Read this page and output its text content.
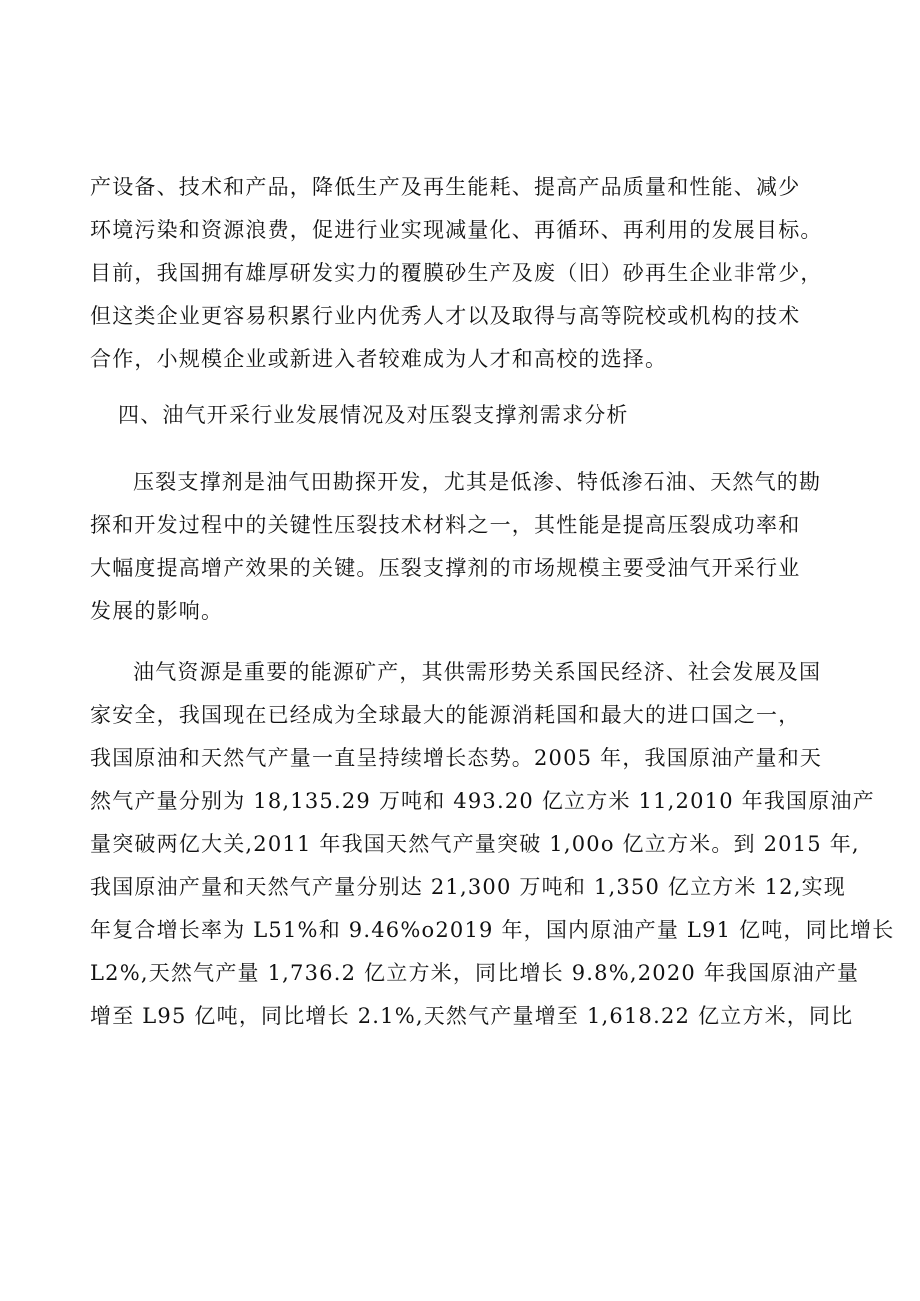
产设备、技术和产品，降低生产及再生能耗、提高产品质量和性能、减少
环境污染和资源浪费，促进行业实现减量化、再循环、再利用的发展目标。
目前，我国拥有雄厚研发实力的覆膜砂生产及废（旧）砂再生企业非常少，
但这类企业更容易积累行业内优秀人才以及取得与高等院校或机构的技术
合作，小规模企业或新进入者较难成为人才和高校的选择。
四、油气开采行业发展情况及对压裂支撑剂需求分析
压裂支撑剂是油气田勘探开发，尤其是低渗、特低渗石油、天然气的勘
探和开发过程中的关键性压裂技术材料之一，其性能是提高压裂成功率和
大幅度提高增产效果的关键。压裂支撑剂的市场规模主要受油气开采行业
发展的影响。
油气资源是重要的能源矿产，其供需形势关系国民经济、社会发展及国
家安全，我国现在已经成为全球最大的能源消耗国和最大的进口国之一，
我国原油和天然气产量一直呈持续增长态势。2005 年，我国原油产量和天
然气产量分别为 18,135.29 万吨和 493.20 亿立方米 11,2010 年我国原油产
量突破两亿大关,2011 年我国天然气产量突破 1,00o 亿立方米。到 2015 年,
我国原油产量和天然气产量分别达 21,300 万吨和 1,350 亿立方米 12,实现
年复合增长率为 L51%和 9.46%o2019 年，国内原油产量 L91 亿吨，同比增长
L2%,天然气产量 1,736.2 亿立方米，同比增长 9.8%,2020 年我国原油产量
增至 L95 亿吨，同比增长 2.1%,天然气产量增至 1,618.22 亿立方米，同比
